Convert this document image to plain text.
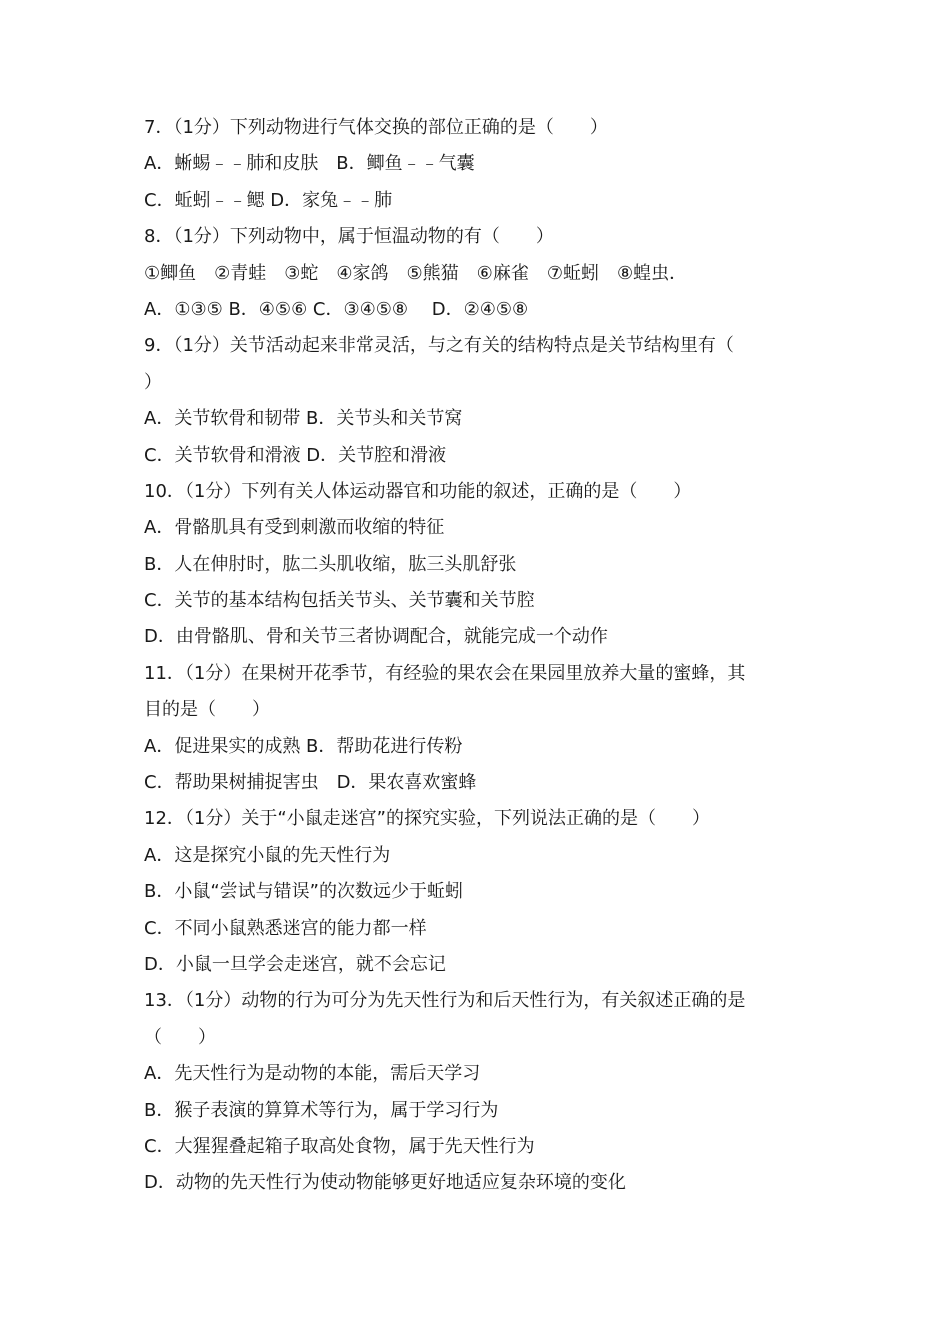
7．（1分）下列动物进行气体交换的部位正确的是（　　）
A．蜥蜴﹣﹣肺和皮肤　B．鲫鱼﹣﹣气囊
C．蚯蚓﹣﹣鳃 D．家兔﹣﹣肺
8．（1分）下列动物中，属于恒温动物的有（　　）
①鲫鱼　②青蛙　③蛇　④家鸽　⑤熊猫　⑥麻雀　⑦蚯蚓　⑧蝗虫．
A．①③⑤ B．④⑤⑥ C．③④⑤⑧　 D．②④⑤⑧
9．（1分）关节活动起来非常灵活，与之有关的结构特点是关节结构里有（
）
A．关节软骨和韧带 B．关节头和关节窝
C．关节软骨和滑液 D．关节腔和滑液
10．（1分）下列有关人体运动器官和功能的叙述，正确的是（　　）
A．骨骼肌具有受到刺激而收缩的特征
B．人在伸肘时，肱二头肌收缩，肱三头肌舒张
C．关节的基本结构包括关节头、关节囊和关节腔
D．由骨骼肌、骨和关节三者协调配合，就能完成一个动作
11．（1分）在果树开花季节，有经验的果农会在果园里放养大量的蜜蜂，其
目的是（　　）
A．促进果实的成熟 B．帮助花进行传粉
C．帮助果树捕捉害虫　D．果农喜欢蜜蜂
12．（1分）关于“小鼠走迷宫”的探究实验，下列说法正确的是（　　）
A．这是探究小鼠的先天性行为
B．小鼠“尝试与错误”的次数远少于蚯蚓
C．不同小鼠熟悉迷宫的能力都一样
D．小鼠一旦学会走迷宫，就不会忘记
13．（1分）动物的行为可分为先天性行为和后天性行为，有关叙述正确的是
（　　）
A．先天性行为是动物的本能，需后天学习
B．猴子表演的算算术等行为，属于学习行为
C．大猩猩叠起箱子取高处食物，属于先天性行为
D．动物的先天性行为使动物能够更好地适应复杂环境的变化
